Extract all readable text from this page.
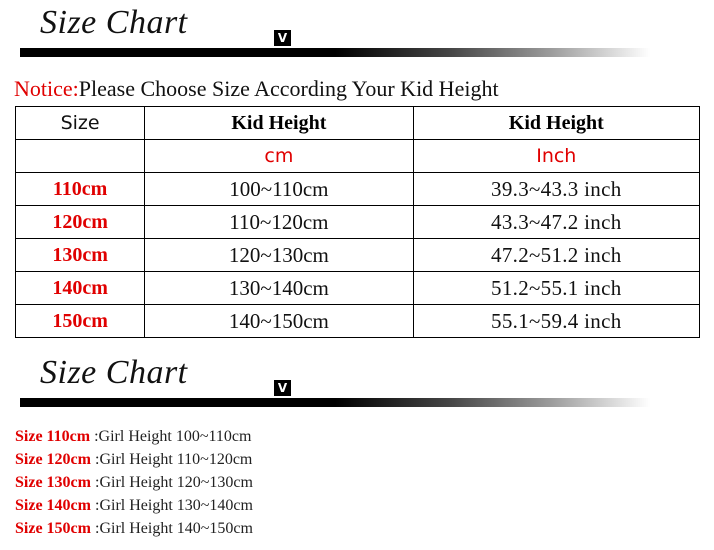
Size Chart	V
Notice:Please Choose Size According Your Kid Height
Size	Kid Height	Kid Height
	cm	Inch
110cm	100~110cm	39.3~43.3 inch
120cm	110~120cm	43.3~47.2 inch
130cm	120~130cm	47.2~51.2 inch
140cm	130~140cm	51.2~55.1 inch
150cm	140~150cm	55.1~59.4 inch
Size Chart	V
Size 110cm :Girl Height 100~110cm
Size 120cm :Girl Height 110~120cm
Size 130cm :Girl Height 120~130cm
Size 140cm :Girl Height 130~140cm
Size 150cm :Girl Height 140~150cm
